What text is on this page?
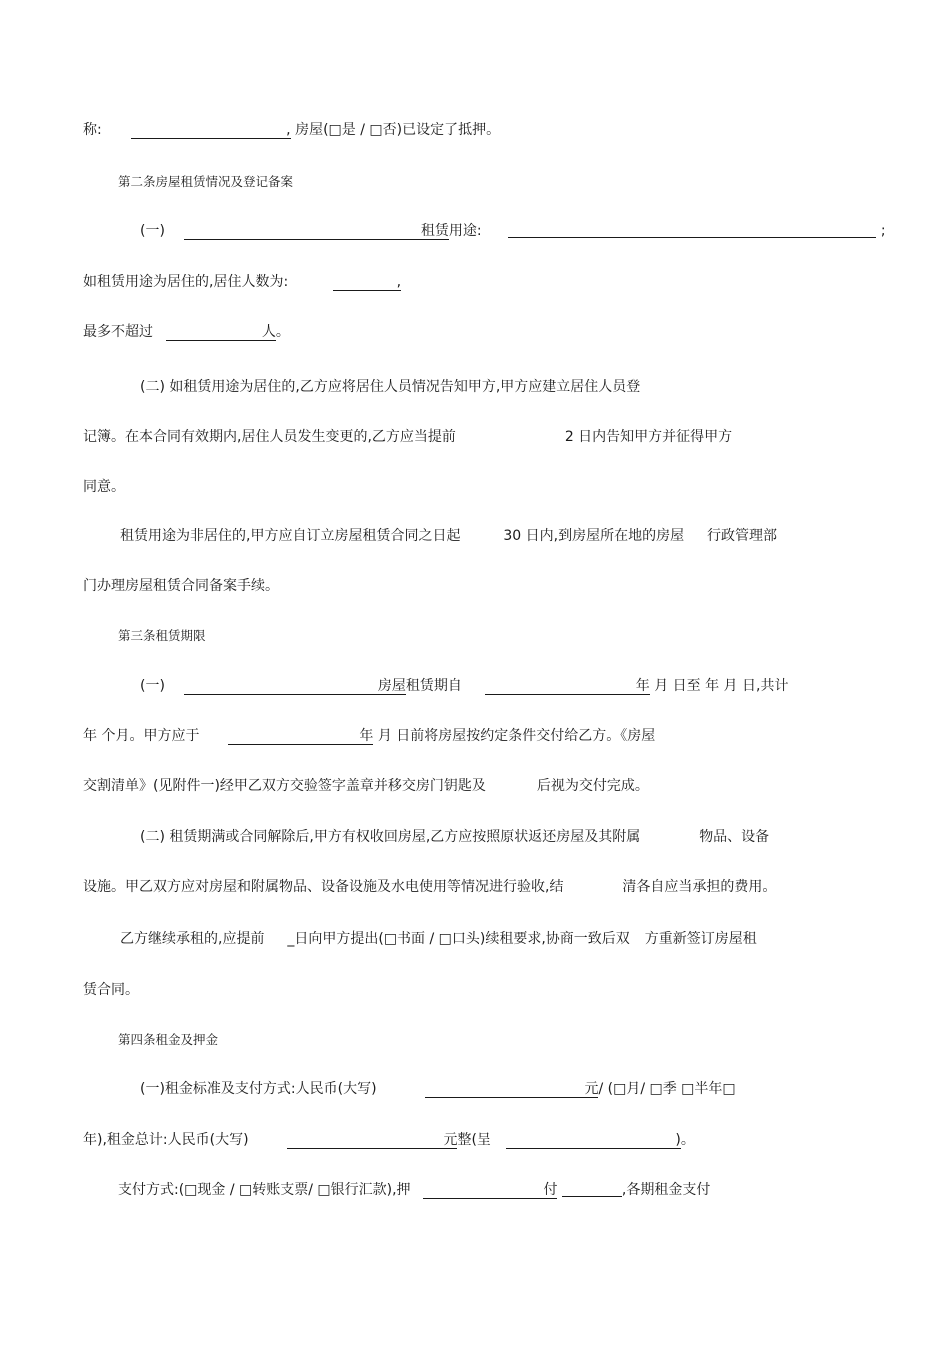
称:	, 房屋(□是 / □否)已设定了抵押。
第二条房屋租赁情况及登记备案
(一)	租赁用途:	;
如租赁用途为居住的,居住人数为:	,
最多不超过	人。
(二) 如租赁用途为居住的,乙方应将居住人员情况告知甲方,甲方应建立居住人员登
记簿。在本合同有效期内,居住人员发生变更的,乙方应当提前	2 日内告知甲方并征得甲方
同意。
租赁用途为非居住的,甲方应自订立房屋租赁合同之日起	30 日内,到房屋所在地的房屋 行政管理部
门办理房屋租赁合同备案手续。
第三条租赁期限
(一)	房屋租赁期自	年 月 日至 年 月 日,共计
年 个月。甲方应于	年 月 日前将房屋按约定条件交付给乙方。《房屋
交割清单》(见附件一)经甲乙双方交验签字盖章并移交房门钥匙及	后视为交付完成。
(二) 租赁期满或合同解除后,甲方有权收回房屋,乙方应按照原状返还房屋及其附属	物品、设备
设施。甲乙双方应对房屋和附属物品、设备设施及水电使用等情况进行验收,结	清各自应当承担的费用。
乙方继续承租的,应提前 _日向甲方提出(□书面 / □口头)续租要求,协商一致后双 方重新签订房屋租
赁合同。
第四条租金及押金
(一)租金标准及支付方式:人民币(大写)	元/ (□月/ □季 □半年□
年),租金总计:人民币(大写)	元整(呈	)。
支付方式:(□现金 / □转账支票/ □银行汇款),押	付	,各期租金支付
